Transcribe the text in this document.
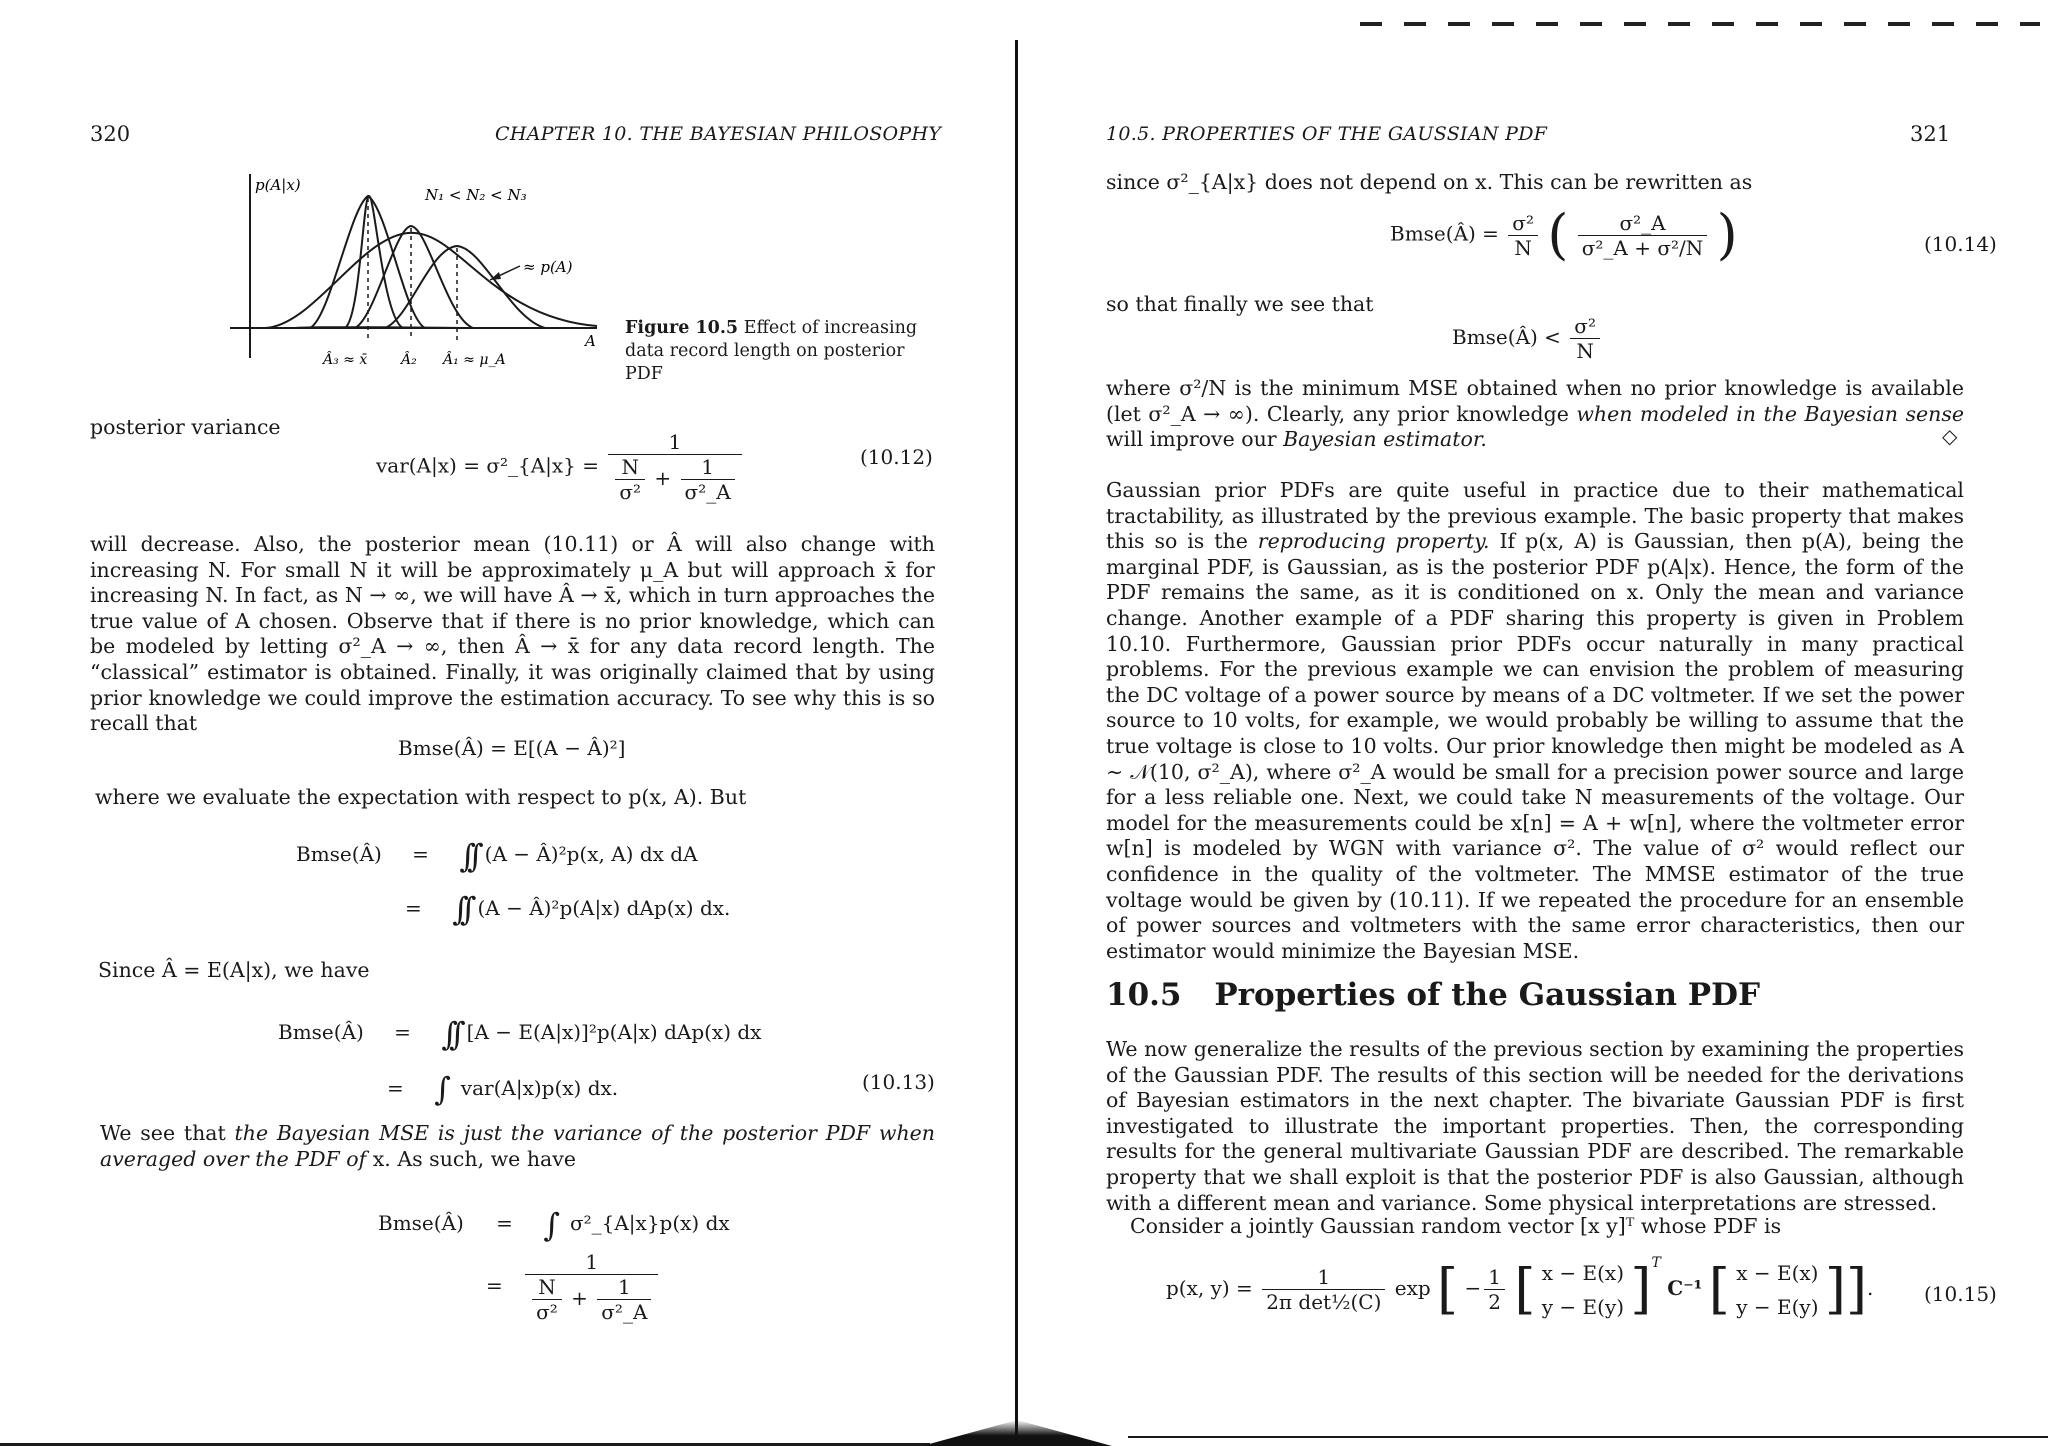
320	CHAPTER 10. THE BAYESIAN PHILOSOPHY
p(A|x)
N₁ < N₂ < N₃
≈ p(A)
A
Â₃ ≈ x̄ Â₂ Â₁ ≈ μ_A
Figure 10.5 Effect of increasing data record length on posterior PDF
posterior variance
var(A|x) = σ²_{A|x} = $\frac{1}{\frac{N}{\text{σ²}} + \frac{1}{\text{σ²\_A}}}$	(10.12)
will decrease. Also, the posterior mean (10.11) or Â will also change with increasing N. For small N it will be approximately μ_A but will approach x̄ for increasing N. In fact, as N → ∞, we will have Â → x̄, which in turn approaches the true value of A chosen. Observe that if there is no prior knowledge, which can be modeled by letting σ²_A → ∞, then Â → x̄ for any data record length. The “classical” estimator is obtained. Finally, it was originally claimed that by using prior knowledge we could improve the estimation accuracy. To see why this is so recall that
Bmse(Â) = E[(A − Â)²]
where we evaluate the expectation with respect to p(x, A). But
Bmse(Â) = ∫∫ (A − Â)²p(x, A) dx dA
= ∫∫ (A − Â)²p(A|x) dAp(x) dx.
Since Â = E(A|x), we have
Bmse(Â) = ∫∫ [A − E(A|x)]²p(A|x) dAp(x) dx
= ∫ var(A|x)p(x) dx.	(10.13)
We see that the Bayesian MSE is just the variance of the posterior PDF when averaged over the PDF of x. As such, we have
Bmse(Â) = ∫ σ²_{A|x}p(x) dx
= $\frac{1}{\frac{N}{\text{σ²}} + \frac{1}{\text{σ²\_A}}}$
10.5. PROPERTIES OF THE GAUSSIAN PDF	321
since σ²_{A|x} does not depend on x. This can be rewritten as
Bmse(Â) = $\frac{\text{σ²}}{N}$ ( $\frac{\text{σ²\_A}}{\text{σ²\_A + σ²/N}}$ )	(10.14)
so that finally we see that
Bmse(Â) < $\frac{\text{σ²}}{N}$
where σ²/N is the minimum MSE obtained when no prior knowledge is available (let σ²_A → ∞). Clearly, any prior knowledge when modeled in the Bayesian sense will improve our Bayesian estimator.	◇
Gaussian prior PDFs are quite useful in practice due to their mathematical tractability, as illustrated by the previous example. The basic property that makes this so is the reproducing property. If p(x, A) is Gaussian, then p(A), being the marginal PDF, is Gaussian, as is the posterior PDF p(A|x). Hence, the form of the PDF remains the same, as it is conditioned on x. Only the mean and variance change. Another example of a PDF sharing this property is given in Problem 10.10. Furthermore, Gaussian prior PDFs occur naturally in many practical problems. For the previous example we can envision the problem of measuring the DC voltage of a power source by means of a DC voltmeter. If we set the power source to 10 volts, for example, we would probably be willing to assume that the true voltage is close to 10 volts. Our prior knowledge then might be modeled as A ∼ 𝒩(10, σ²_A), where σ²_A would be small for a precision power source and large for a less reliable one. Next, we could take N measurements of the voltage. Our model for the measurements could be x[n] = A + w[n], where the voltmeter error w[n] is modeled by WGN with variance σ². The value of σ² would reflect our confidence in the quality of the voltmeter. The MMSE estimator of the true voltage would be given by (10.11). If we repeated the procedure for an ensemble of power sources and voltmeters with the same error characteristics, then our estimator would minimize the Bayesian MSE.
10.5 Properties of the Gaussian PDF
We now generalize the results of the previous section by examining the properties of the Gaussian PDF. The results of this section will be needed for the derivations of Bayesian estimators in the next chapter. The bivariate Gaussian PDF is first investigated to illustrate the important properties. Then, the corresponding results for the general multivariate Gaussian PDF are described. The remarkable property that we shall exploit is that the posterior PDF is also Gaussian, although with a different mean and variance. Some physical interpretations are stressed.
Consider a jointly Gaussian random vector [x y]ᵀ whose PDF is
p(x, $y) = \frac{1}{\text{2π det½(C)}}$ exp [ − $\frac{1}{2}$ [ x − E(x)
y − E(y) ]$^T$ C⁻¹ [ x − E(x)
y − E(y) ]].	(10.15)
